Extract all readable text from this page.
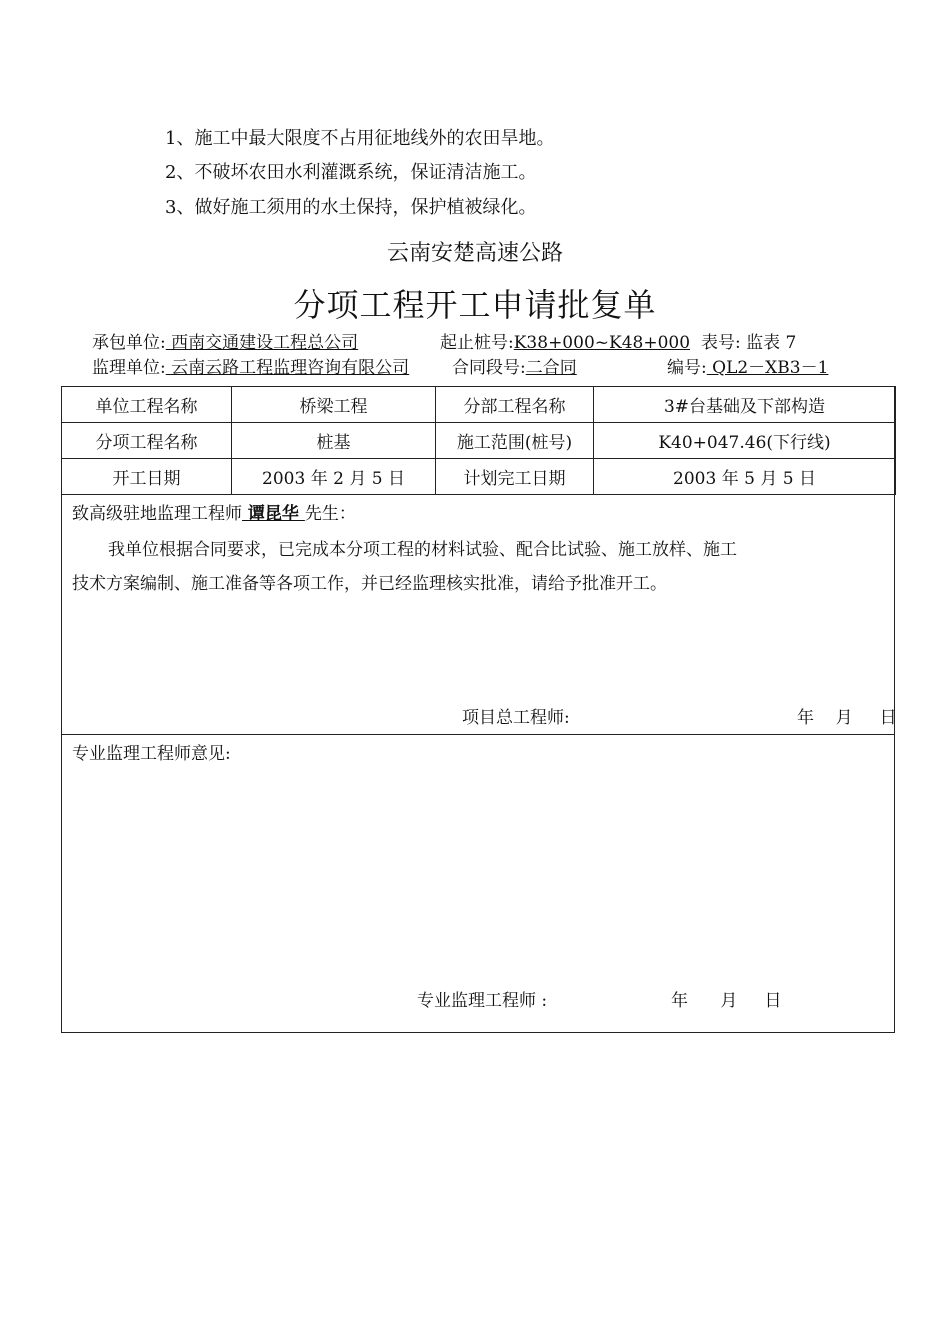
1、施工中最大限度不占用征地线外的农田旱地。
2、不破坏农田水利灌溉系统，保证清洁施工。
3、做好施工须用的水土保持，保护植被绿化。
云南安楚高速公路
分项工程开工申请批复单
承包单位: 西南交通建设工程总公司	起止桩号:K38+000~K48+000 表号: 监表 7
监理单位: 云南云路工程监理咨询有限公司	合同段号:二合同	编号: QL2－XB3－1
单位工程名称	桥梁工程	分部工程名称	3#台基础及下部构造
分项工程名称	桩基	施工范围(桩号)	K40+047.46(下行线)
开工日期	2003 年 2 月 5 日	计划完工日期	2003 年 5 月 5 日
致高级驻地监理工程师 谭昆华 先生：
我单位根据合同要求，已完成本分项工程的材料试验、配合比试验、施工放样、施工
技术方案编制、施工准备等各项工作，并已经监理核实批准，请给予批准开工。
项目总工程师:	年    月     日
专业监理工程师意见:
专业监理工程师 :	年      月     日
